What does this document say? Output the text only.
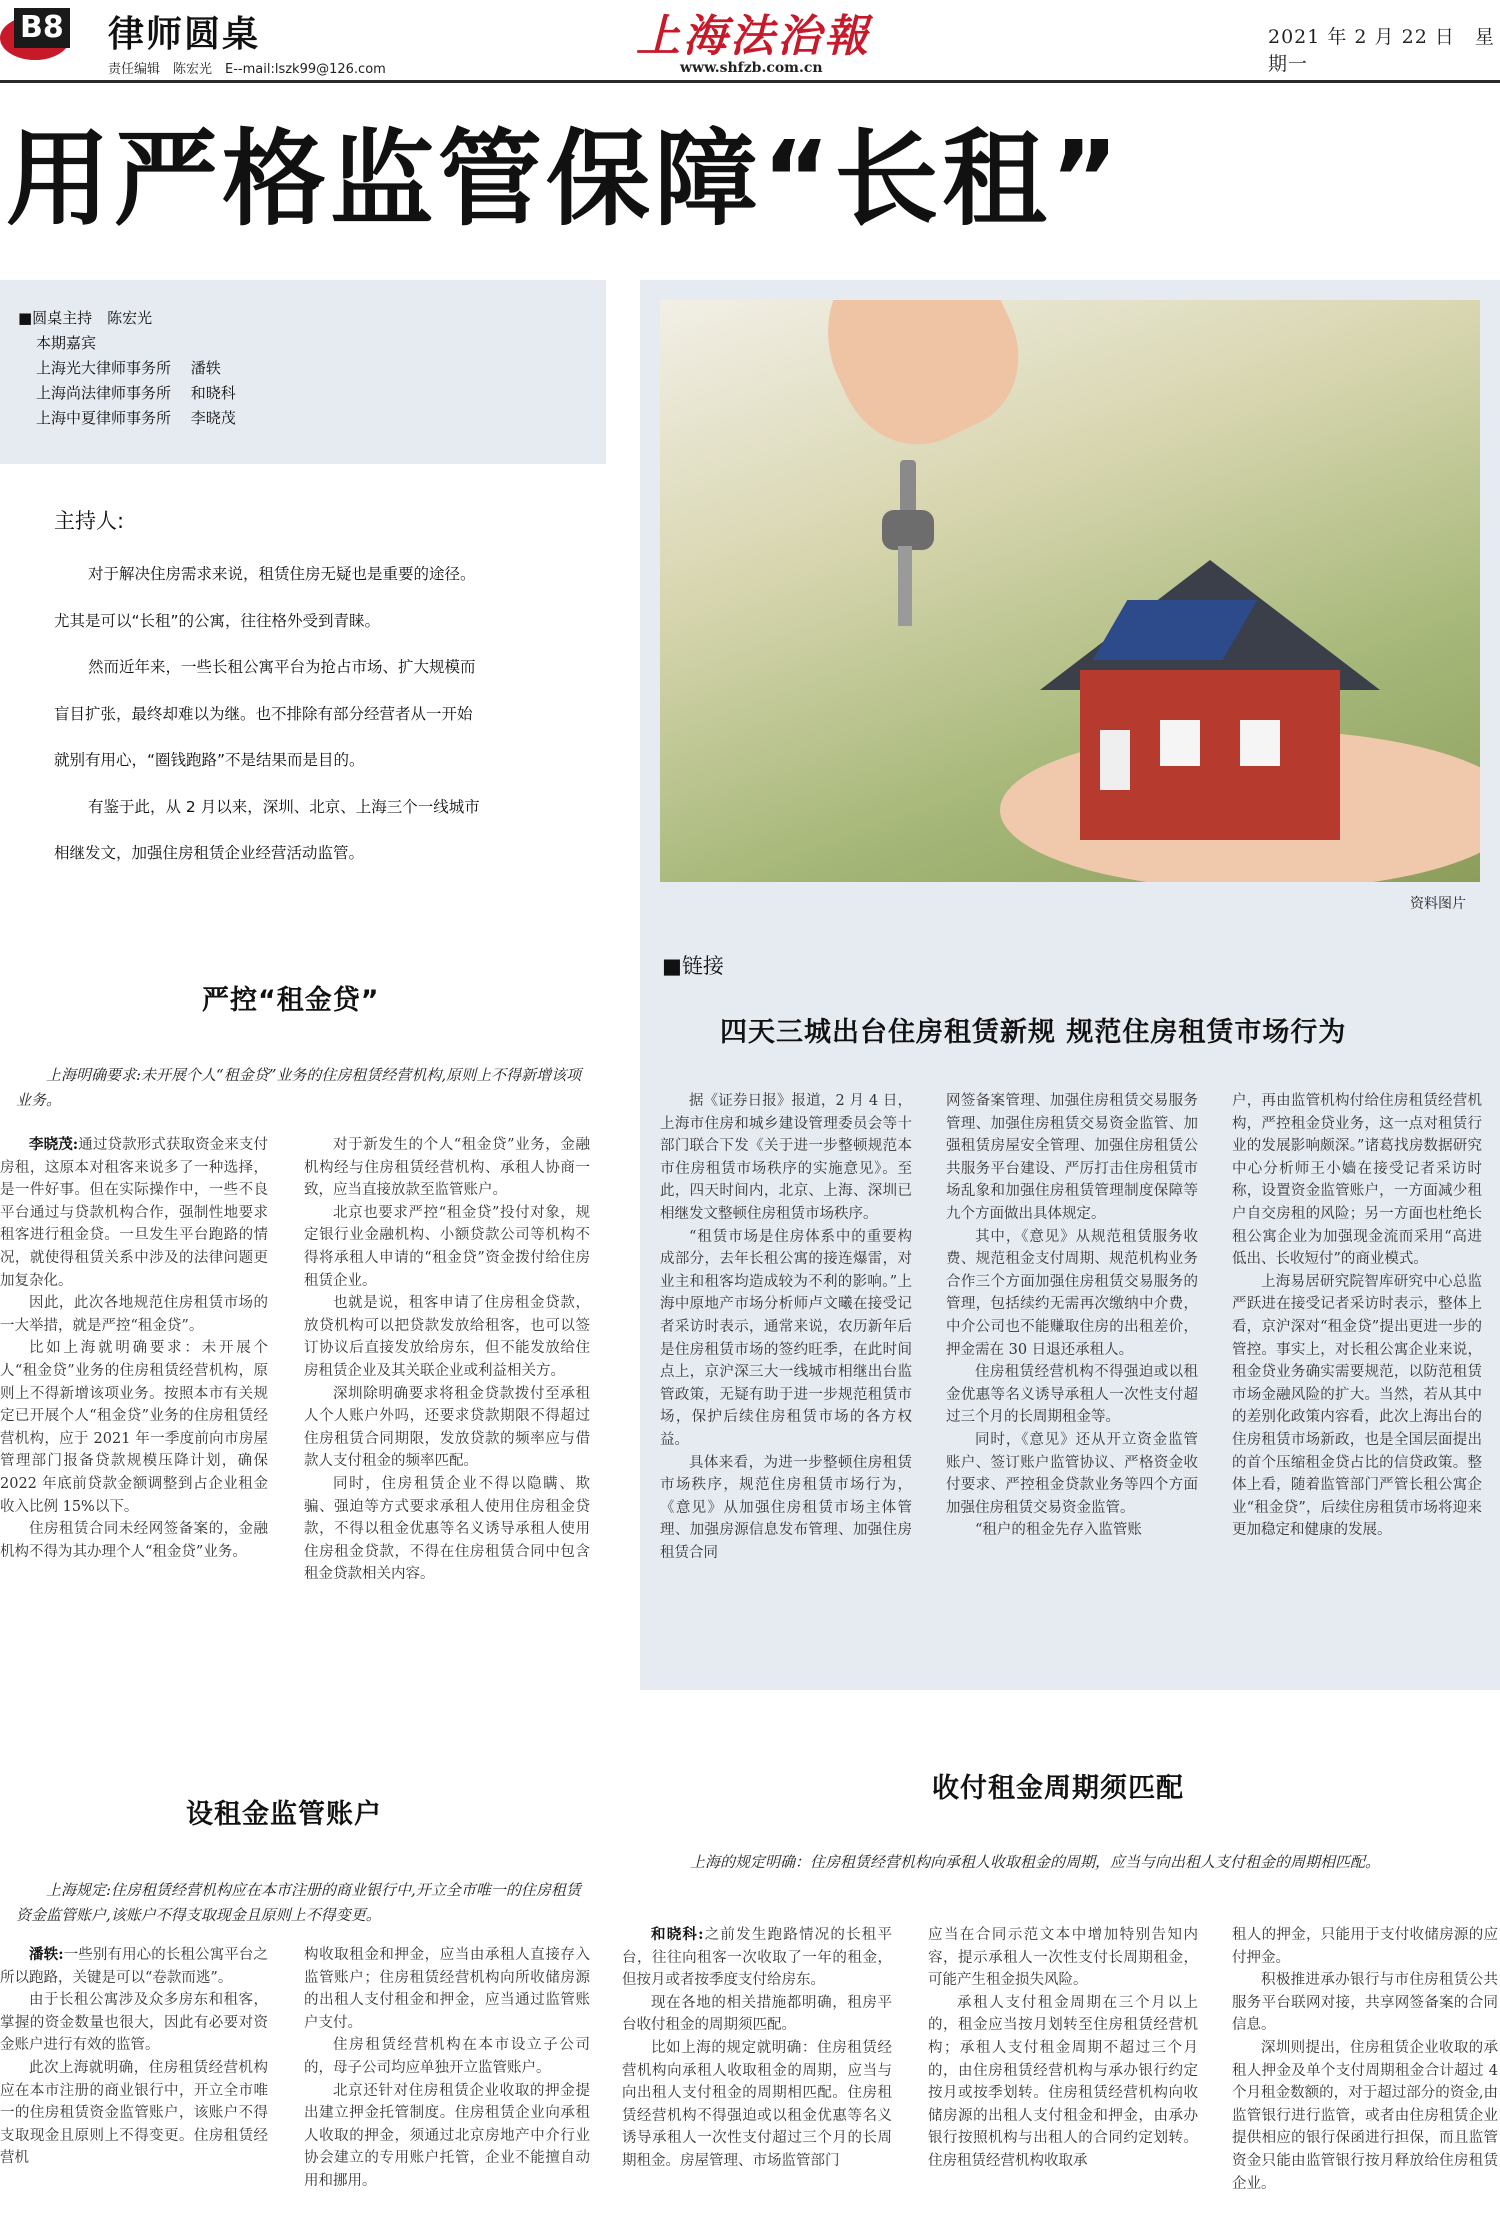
B8 律师圆桌
责任编辑　陈宏光　E--mail:lszk99@126.com
上海法治報
www.shfzb.com.cn
2021 年 2 月 22 日　星期一
用严格监管保障“长租”
■圆桌主持　陈宏光
本期嘉宾
上海光大律师事务所　 潘轶
上海尚法律师事务所　 和晓科
上海中夏律师事务所　 李晓茂
主持人:

对于解决住房需求来说，租赁住房无疑也是重要的途径。

尤其是可以“长租”的公寓，往往格外受到青睐。

然而近年来，一些长租公寓平台为抢占市场、扩大规模而

盲目扩张，最终却难以为继。也不排除有部分经营者从一开始

就别有用心，“圈钱跑路”不是结果而是目的。

有鉴于此，从 2 月以来，深圳、北京、上海三个一线城市

相继发文，加强住房租赁企业经营活动监管。

资料图片
■链接
四天三城出台住房租赁新规 规范住房租赁市场行为

据《证券日报》报道，2 月 4 日，上海市住房和城乡建设管理委员会等十部门联合下发《关于进一步整顿规范本市住房租赁市场秩序的实施意见》。至此，四天时间内，北京、上海、深圳已相继发文整顿住房租赁市场秩序。

“租赁市场是住房体系中的重要构成部分，去年长租公寓的接连爆雷，对业主和租客均造成较为不利的影响。”上海中原地产市场分析师卢文曦在接受记者采访时表示，通常来说，农历新年后是住房租赁市场的签约旺季，在此时间点上，京沪深三大一线城市相继出台监管政策，无疑有助于进一步规范租赁市场，保护后续住房租赁市场的各方权益。

具体来看，为进一步整顿住房租赁市场秩序，规范住房租赁市场行为，《意见》从加强住房租赁市场主体管理、加强房源信息发布管理、加强住房租赁合同

网签备案管理、加强住房租赁交易服务管理、加强住房租赁交易资金监管、加强租赁房屋安全管理、加强住房租赁公共服务平台建设、严厉打击住房租赁市场乱象和加强住房租赁管理制度保障等九个方面做出具体规定。

其中，《意见》从规范租赁服务收费、规范租金支付周期、规范机构业务合作三个方面加强住房租赁交易服务的管理，包括续约无需再次缴纳中介费，中介公司也不能赚取住房的出租差价，押金需在 30 日退还承租人。

住房租赁经营机构不得强迫或以租金优惠等名义诱导承租人一次性支付超过三个月的长周期租金等。

同时，《意见》还从开立资金监管账户、签订账户监管协议、严格资金收付要求、严控租金贷款业务等四个方面加强住房租赁交易资金监管。

“租户的租金先存入监管账

户，再由监管机构付给住房租赁经营机构，严控租金贷业务，这一点对租赁行业的发展影响颇深。”诸葛找房数据研究中心分析师王小嫱在接受记者采访时称，设置资金监管账户，一方面减少租户自交房租的风险；另一方面也杜绝长租公寓企业为加强现金流而采用“高进低出、长收短付”的商业模式。

上海易居研究院智库研究中心总监严跃进在接受记者采访时表示，整体上看，京沪深对“租金贷”提出更进一步的管控。事实上，对长租公寓企业来说，租金贷业务确实需要规范，以防范租赁市场金融风险的扩大。当然，若从其中的差别化政策内容看，此次上海出台的住房租赁市场新政，也是全国层面提出的首个压缩租金贷占比的信贷政策。整体上看，随着监管部门严管长租公寓企业“租金贷”，后续住房租赁市场将迎来更加稳定和健康的发展。

严控“租金贷”
上海明确要求:未开展个人“租金贷”业务的住房租赁经营机构,原则上不得新增该项业务。

李晓茂:通过贷款形式获取资金来支付房租，这原本对租客来说多了一种选择，是一件好事。但在实际操作中，一些不良平台通过与贷款机构合作，强制性地要求租客进行租金贷。一旦发生平台跑路的情况，就使得租赁关系中涉及的法律问题更加复杂化。

因此，此次各地规范住房租赁市场的一大举措，就是严控“租金贷”。

比如上海就明确要求：未开展个人“租金贷”业务的住房租赁经营机构，原则上不得新增该项业务。按照本市有关规定已开展个人“租金贷”业务的住房租赁经营机构，应于 2021 年一季度前向市房屋管理部门报备贷款规模压降计划，确保 2022 年底前贷款金额调整到占企业租金收入比例 15%以下。

住房租赁合同未经网签备案的，金融机构不得为其办理个人“租金贷”业务。

对于新发生的个人“租金贷”业务，金融机构经与住房租赁经营机构、承租人协商一致，应当直接放款至监管账户。

北京也要求严控“租金贷”投付对象，规定银行业金融机构、小额贷款公司等机构不得将承租人申请的“租金贷”资金拨付给住房租赁企业。

也就是说，租客申请了住房租金贷款，放贷机构可以把贷款发放给租客，也可以签订协议后直接发放给房东，但不能发放给住房租赁企业及其关联企业或利益相关方。

深圳除明确要求将租金贷款拨付至承租人个人账户外吗，还要求贷款期限不得超过住房租赁合同期限，发放贷款的频率应与借款人支付租金的频率匹配。

同时，住房租赁企业不得以隐瞒、欺骗、强迫等方式要求承租人使用住房租金贷款，不得以租金优惠等名义诱导承租人使用住房租金贷款，不得在住房租赁合同中包含租金贷款相关内容。

设租金监管账户
上海规定:住房租赁经营机构应在本市注册的商业银行中,开立全市唯一的住房租赁资金监管账户,该账户不得支取现金且原则上不得变更。

潘轶:一些别有用心的长租公寓平台之所以跑路，关键是可以“卷款而逃”。

由于长租公寓涉及众多房东和租客，掌握的资金数量也很大，因此有必要对资金账户进行有效的监管。

此次上海就明确，住房租赁经营机构应在本市注册的商业银行中，开立全市唯一的住房租赁资金监管账户，该账户不得支取现金且原则上不得变更。住房租赁经营机

构收取租金和押金，应当由承租人直接存入监管账户；住房租赁经营机构向所收储房源的出租人支付租金和押金，应当通过监管账户支付。

住房租赁经营机构在本市设立子公司的，母子公司均应单独开立监管账户。

北京还针对住房租赁企业收取的押金提出建立押金托管制度。住房租赁企业向承租人收取的押金，须通过北京房地产中介行业协会建立的专用账户托管，企业不能擅自动用和挪用。

收付租金周期须匹配
上海的规定明确：住房租赁经营机构向承租人收取租金的周期，应当与向出租人支付租金的周期相匹配。

和晓科:之前发生跑路情况的长租平台，往往向租客一次收取了一年的租金，但按月或者按季度支付给房东。

现在各地的相关措施都明确，租房平台收付租金的周期须匹配。

比如上海的规定就明确：住房租赁经营机构向承租人收取租金的周期，应当与向出租人支付租金的周期相匹配。住房租赁经营机构不得强迫或以租金优惠等名义诱导承租人一次性支付超过三个月的长周期租金。房屋管理、市场监管部门

应当在合同示范文本中增加特别告知内容，提示承租人一次性支付长周期租金，可能产生租金损失风险。

承租人支付租金周期在三个月以上的，租金应当按月划转至住房租赁经营机构；承租人支付租金周期不超过三个月的，由住房租赁经营机构与承办银行约定按月或按季划转。住房租赁经营机构向收储房源的出租人支付租金和押金，由承办银行按照机构与出租人的合同约定划转。住房租赁经营机构收取承

租人的押金，只能用于支付收储房源的应付押金。

积极推进承办银行与市住房租赁公共服务平台联网对接，共享网签备案的合同信息。

深圳则提出，住房租赁企业收取的承租人押金及单个支付周期租金合计超过 4 个月租金数额的，对于超过部分的资金,由监管银行进行监管，或者由住房租赁企业提供相应的银行保函进行担保，而且监管资金只能由监管银行按月释放给住房租赁企业。
